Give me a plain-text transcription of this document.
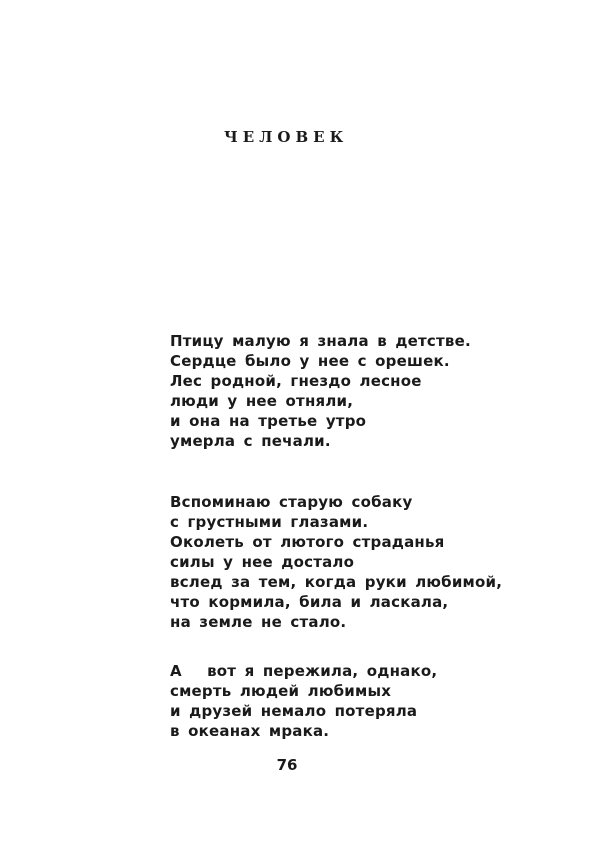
ЧЕЛОВЕК
Птицу малую я знала в детстве.
Сердце было у нее с орешек.
Лес родной, гнездо лесное
люди у нее отняли,
и она на третье утро
умерла с печали.
Вспоминаю старую собаку
с грустными глазами.
Околеть от лютого страданья
силы у нее достало
вслед за тем, когда руки любимой,
что кормила, била и ласкала,
на земле не стало.
А   вот я пережила, однако,
смерть людей любимых
и друзей немало потеряла
в океанах мрака.
76
